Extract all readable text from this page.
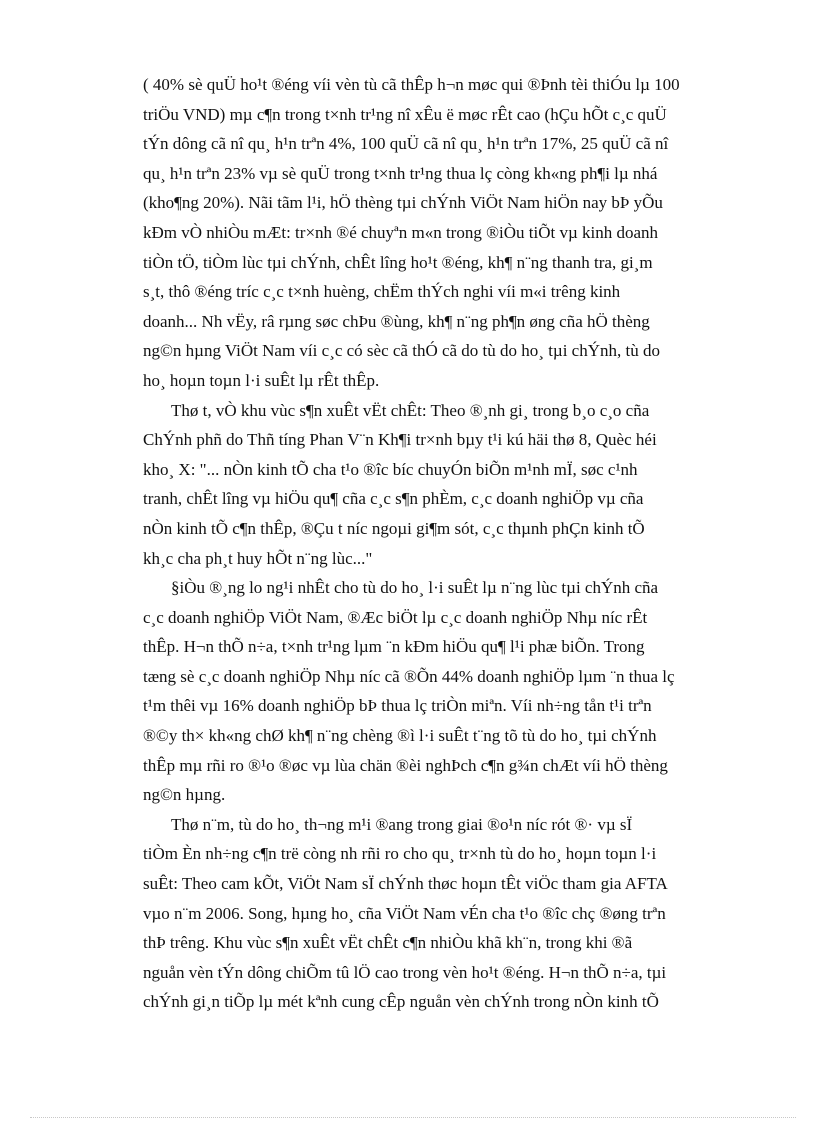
( 40% sè quÜ ho¹t ®éng víi vèn tù cã thÊp h¬n møc qui ®Þnh tèi thiÓu lµ 100
triÖu VND) mµ c¶n trong t×nh tr¹ng nî xÊu ë møc rÊt cao (hÇu hÕt c¸c quÜ
tÝn dông cã nî qu¸ h¹n trªn 4%, 100 quÜ cã nî qu¸ h¹n trªn 17%, 25 quÜ cã nî
qu¸ h¹n trªn 23% vµ sè quÜ trong t×nh tr¹ng thua lç còng kh«ng ph¶i lµ nhá
(kho¶ng 20%). Nãi tãm l¹i, hÖ thèng tµi chÝnh ViÖt Nam hiÖn nay bÞ yÕu
kÐm vÒ nhiÒu mÆt: tr×nh ®é chuyªn m«n trong ®iÒu tiÕt vµ kinh doanh
tiÒn tÖ, tiÒm lùc tµi chÝnh, chÊt lîng ho¹t ®éng, kh¶ n¨ng thanh tra, gi¸m
s¸t, thô ®éng tríc c¸c t×nh huèng, chËm thÝch nghi víi m«i trêng kinh
doanh... Nh vËy, râ rµng søc chÞu ®ùng, kh¶ n¨ng ph¶n øng cña hÖ thèng
ng©n hµng ViÖt Nam víi c¸c có sèc cã thÓ cã do tù do ho¸ tµi chÝnh, tù do
ho¸ hoµn toµn l·i suÊt lµ rÊt thÊp.

Thø t, vÒ khu vùc s¶n xuÊt vËt chÊt: Theo ®¸nh gi¸ trong b¸o c¸o cña
ChÝnh phñ do Thñ tíng Phan V¨n Kh¶i tr×nh bµy t¹i kú häi thø 8, Quèc héi
kho¸ X: "... nÒn kinh tÕ cha t¹o ®îc bíc chuyÓn biÕn m¹nh mÏ, søc c¹nh
tranh, chÊt lîng vµ hiÖu qu¶ cña c¸c s¶n phÈm, c¸c doanh nghiÖp vµ cña
nÒn kinh tÕ c¶n thÊp, ®Çu t níc ngoµi gi¶m sót, c¸c thµnh phÇn kinh tÕ
kh¸c cha ph¸t huy hÕt n¨ng lùc..."

§iÒu ®¸ng lo ng¹i nhÊt cho tù do ho¸ l·i suÊt lµ n¨ng lùc tµi chÝnh cña
c¸c doanh nghiÖp ViÖt Nam, ®Æc biÖt lµ c¸c doanh nghiÖp Nhµ níc rÊt
thÊp. H¬n thÕ n÷a, t×nh tr¹ng lµm ¨n kÐm hiÖu qu¶ l¹i phæ biÕn. Trong
tæng sè c¸c doanh nghiÖp Nhµ níc cã ®Õn 44% doanh nghiÖp lµm ¨n thua lç
t¹m thêi vµ 16% doanh nghiÖp bÞ thua lç triÒn miªn. Víi nh÷ng tån t¹i trªn
®©y th× kh«ng chØ kh¶ n¨ng chèng ®ì l·i suÊt t¨ng tõ tù do ho¸ tµi chÝnh
thÊp mµ rñi ro ®¹o ®øc vµ lùa chän ®èi nghÞch c¶n g¾n chÆt víi hÖ thèng
ng©n hµng.

Thø n¨m, tù do ho¸ th¬ng m¹i ®ang trong giai ®o¹n níc rót ®· vµ sÏ
tiÒm Èn nh÷ng c¶n trë còng nh rñi ro cho qu¸ tr×nh tù do ho¸ hoµn toµn l·i
suÊt: Theo cam kÕt, ViÖt Nam sÏ chÝnh thøc hoµn tÊt viÖc tham gia AFTA
vµo n¨m 2006. Song, hµng ho¸ cña ViÖt Nam vÉn cha t¹o ®îc chç ®øng trªn
thÞ trêng. Khu vùc s¶n xuÊt vËt chÊt c¶n nhiÒu khã kh¨n, trong khi ®ã
nguån vèn tÝn dông chiÕm tû lÖ cao trong vèn ho¹t ®éng. H¬n thÕ n÷a, tµi
chÝnh gi¸n tiÕp lµ mét kªnh cung cÊp nguån vèn chÝnh trong nÒn kinh tÕ
